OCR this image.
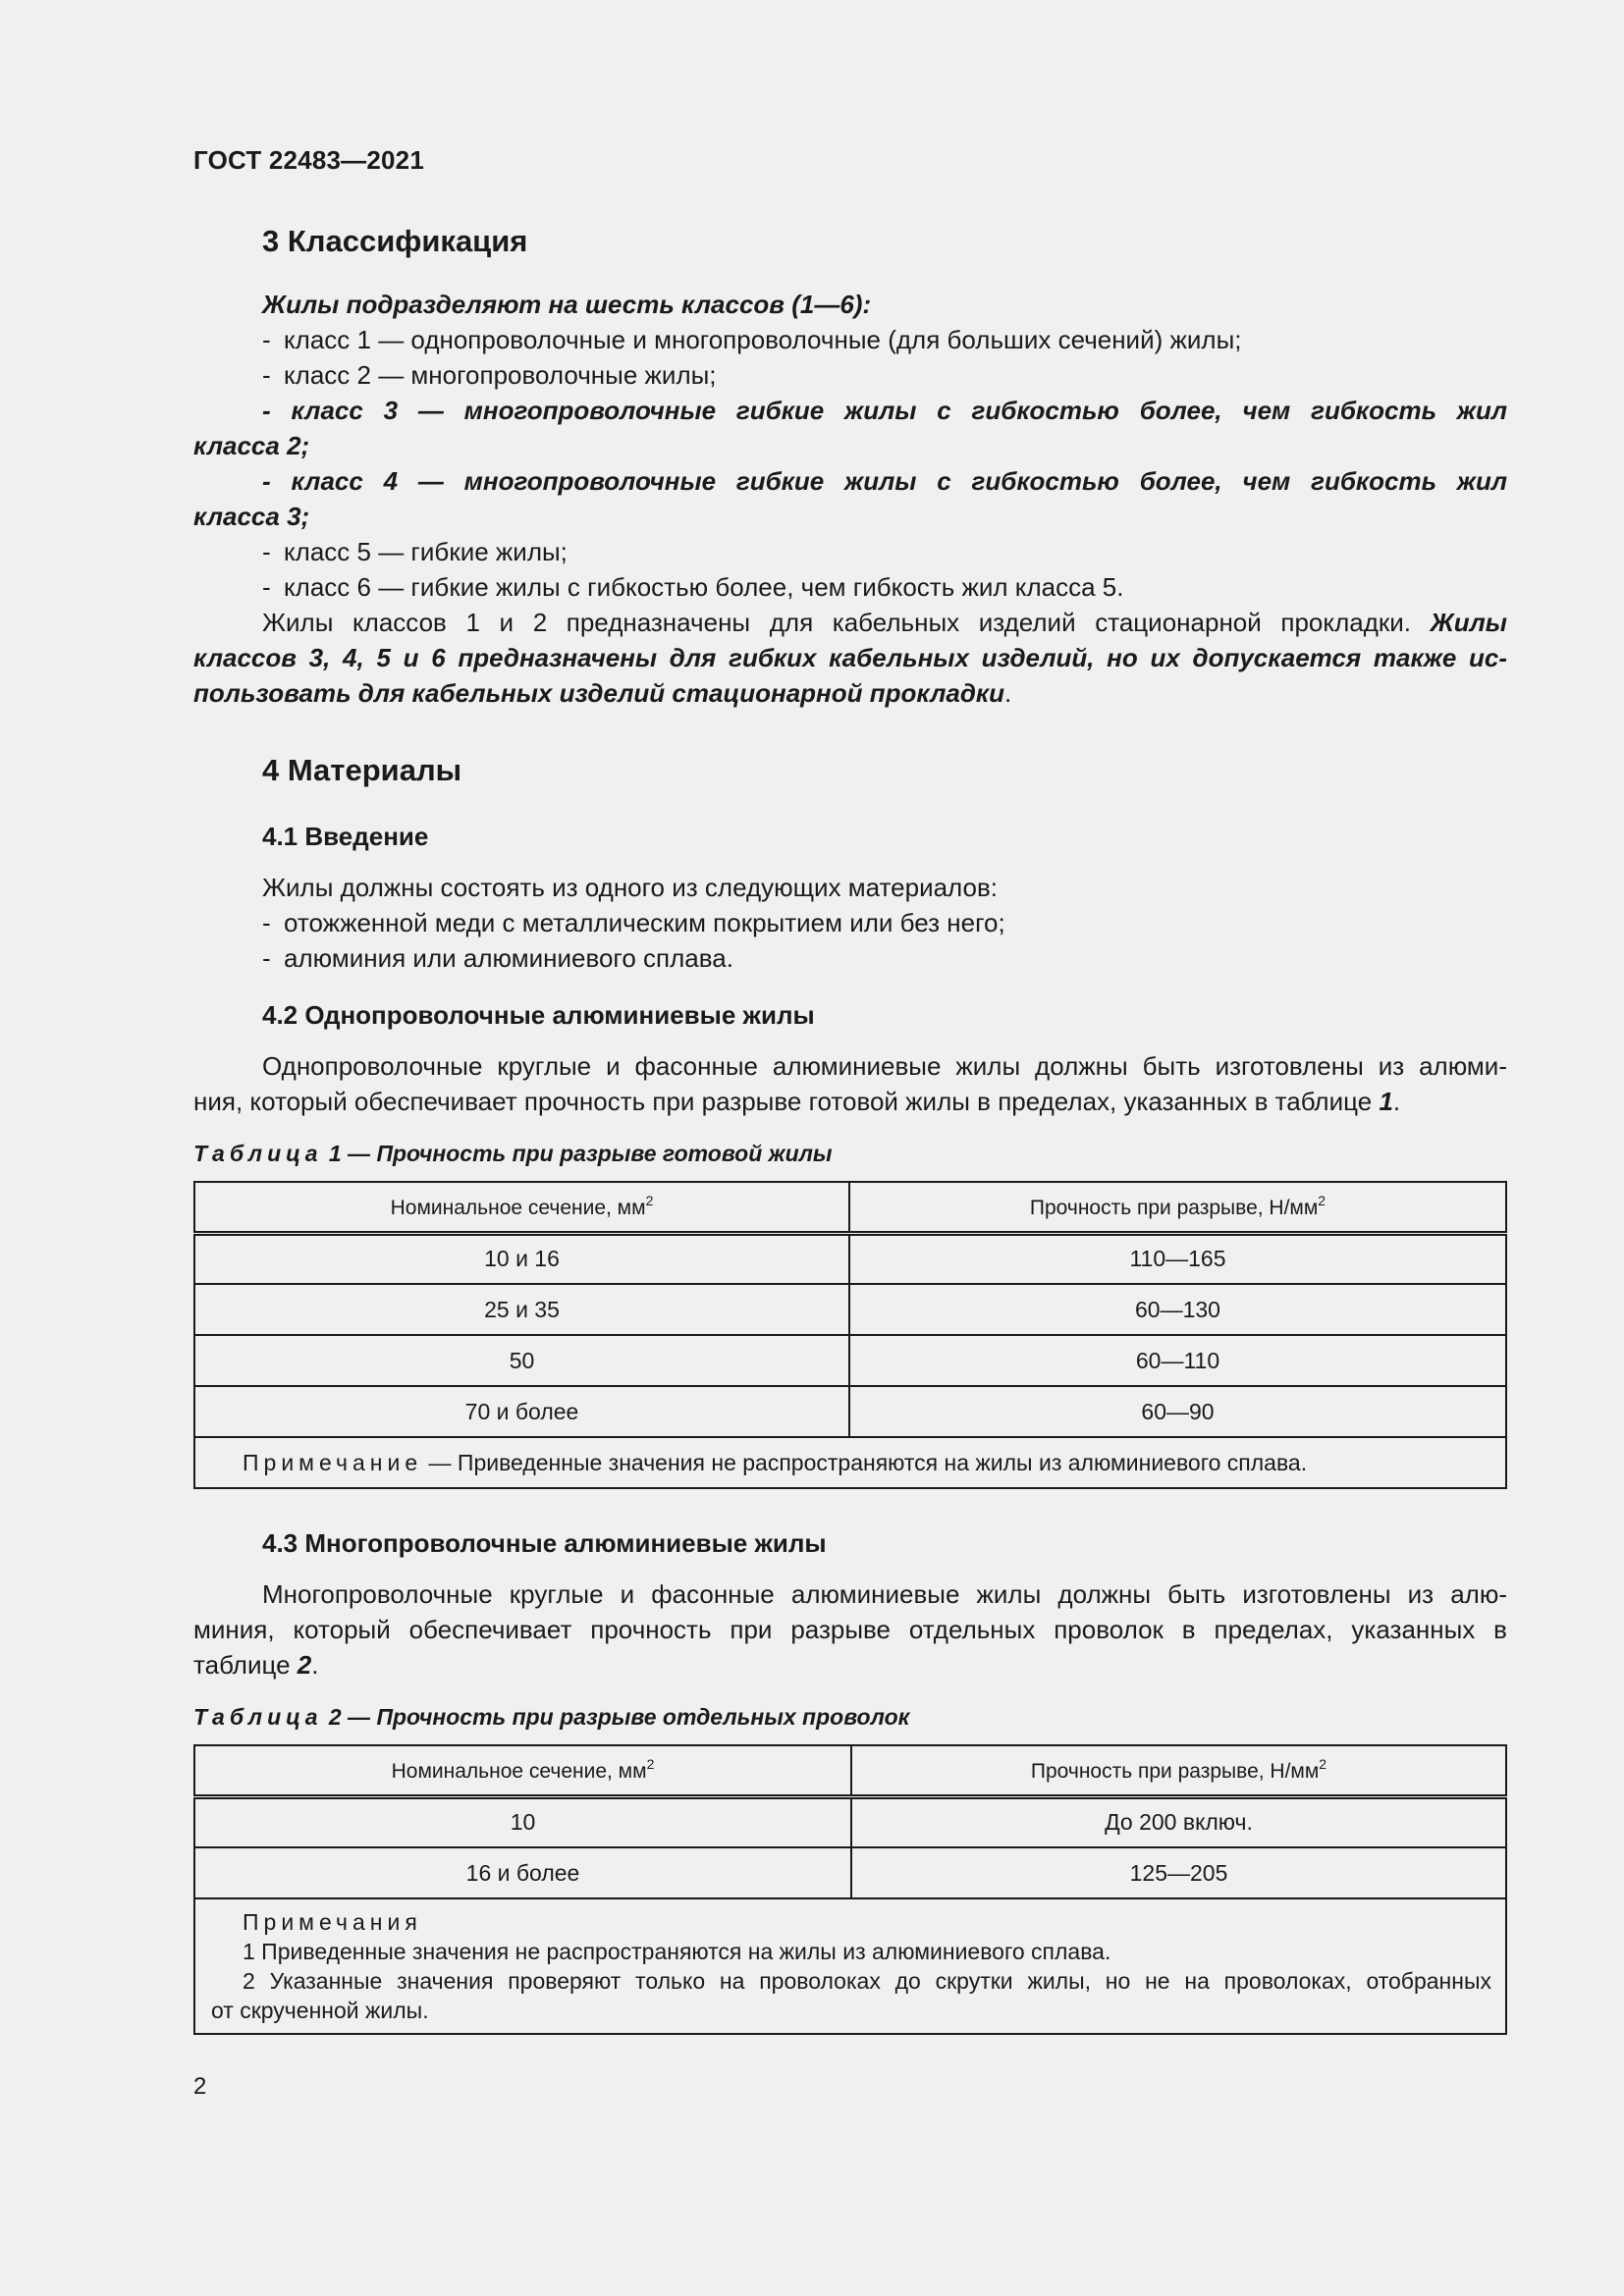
ГОСТ 22483—2021
3 Классификация
Жилы подразделяют на шесть классов (1—6):
- класс 1 — однопроволочные и многопроволочные (для больших сечений) жилы;
- класс 2 — многопроволочные жилы;
- класс 3 — многопроволочные гибкие жилы с гибкостью более, чем гибкость жил
класса 2;
- класс 4 — многопроволочные гибкие жилы с гибкостью более, чем гибкость жил
класса 3;
- класс 5 — гибкие жилы;
- класс 6 — гибкие жилы с гибкостью более, чем гибкость жил класса 5.
Жилы классов 1 и 2 предназначены для кабельных изделий стационарной прокладки. Жилы
классов 3, 4, 5 и 6 предназначены для гибких кабельных изделий, но их допускается также ис-
пользовать для кабельных изделий стационарной прокладки.
4 Материалы
4.1 Введение
Жилы должны состоять из одного из следующих материалов:
- отожженной меди с металлическим покрытием или без него;
- алюминия или алюминиевого сплава.
4.2 Однопроволочные алюминиевые жилы
Однопроволочные круглые и фасонные алюминиевые жилы должны быть изготовлены из алюми-
ния, который обеспечивает прочность при разрыве готовой жилы в пределах, указанных в таблице 1.
Таблица 1 — Прочность при разрыве готовой жилы
Номинальное сечение, $мм^2$	Прочность при разрыве, $Н/мм^2$
10 и 16	110—165
25 и 35	60—130
50	60—110
70 и более	60—90
Примечание — Приведенные значения не распространяются на жилы из алюминиевого сплава.	
4.3 Многопроволочные алюминиевые жилы
Многопроволочные круглые и фасонные алюминиевые жилы должны быть изготовлены из алю-
миния, который обеспечивает прочность при разрыве отдельных проволок в пределах, указанных в
таблице 2.
Таблица 2 — Прочность при разрыве отдельных проволок
Номинальное сечение, $мм^2$	Прочность при разрыве, $Н/мм^2$
10	До 200 включ.
16 и более	125—205

Примечания
1 Приведенные значения не распространяются на жилы из алюминиевого сплава.
2 Указанные значения проверяют только на проволоках до скрутки жилы, но не на проволоках, отобранных
от скрученной жилы.	
2
